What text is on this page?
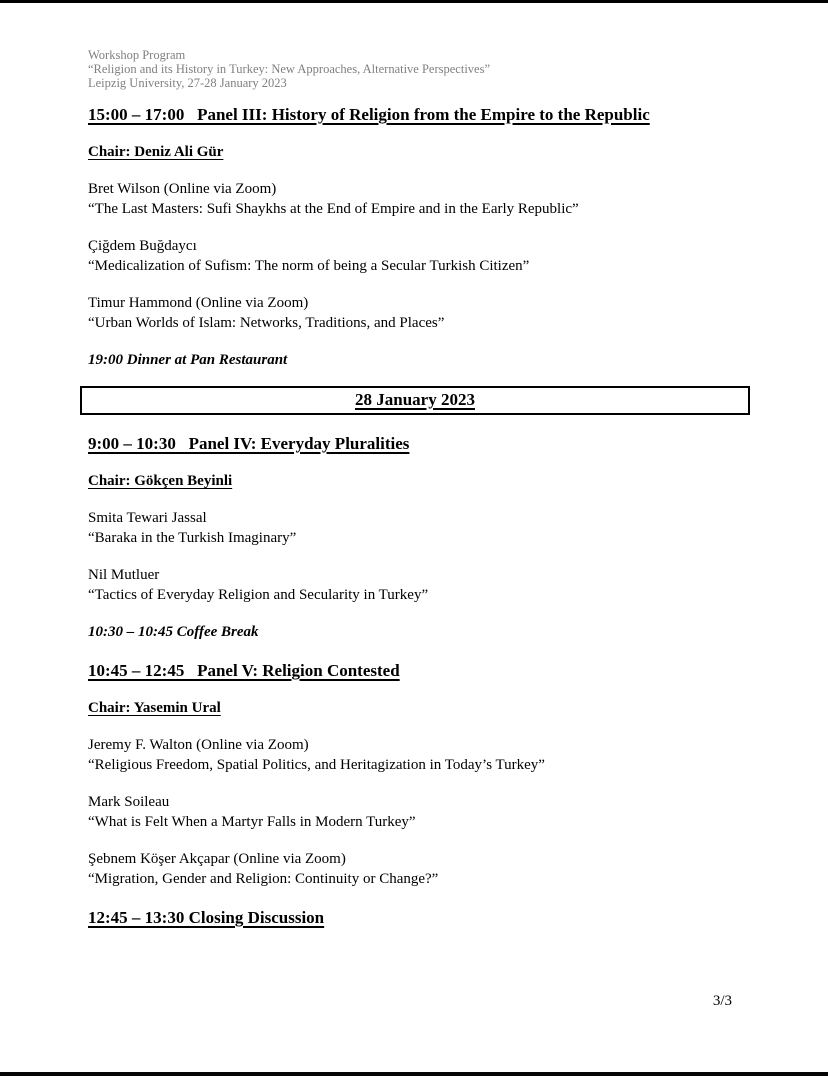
Workshop Program
“Religion and its History in Turkey: New Approaches, Alternative Perspectives”
Leipzig University, 27-28 January 2023
15:00 – 17:00   Panel III: History of Religion from the Empire to the Republic
Chair: Deniz Ali Gür
Bret Wilson (Online via Zoom)
“The Last Masters: Sufi Shaykhs at the End of Empire and in the Early Republic”
Çiğdem Buğdaycı
“Medicalization of Sufism: The norm of being a Secular Turkish Citizen”
Timur Hammond (Online via Zoom)
“Urban Worlds of Islam: Networks, Traditions, and Places”
19:00 Dinner at Pan Restaurant
28 January 2023
9:00 – 10:30   Panel IV: Everyday Pluralities
Chair: Gökçen Beyinli
Smita Tewari Jassal
“Baraka in the Turkish Imaginary”
Nil Mutluer
“Tactics of Everyday Religion and Secularity in Turkey”
10:30 – 10:45 Coffee Break
10:45 – 12:45   Panel V: Religion Contested
Chair: Yasemin Ural
Jeremy F. Walton (Online via Zoom)
“Religious Freedom, Spatial Politics, and Heritagization in Today’s Turkey”
Mark Soileau
“What is Felt When a Martyr Falls in Modern Turkey”
Şebnem Köşer Akçapar (Online via Zoom)
“Migration, Gender and Religion: Continuity or Change?”
12:45 – 13:30 Closing Discussion
3/3
